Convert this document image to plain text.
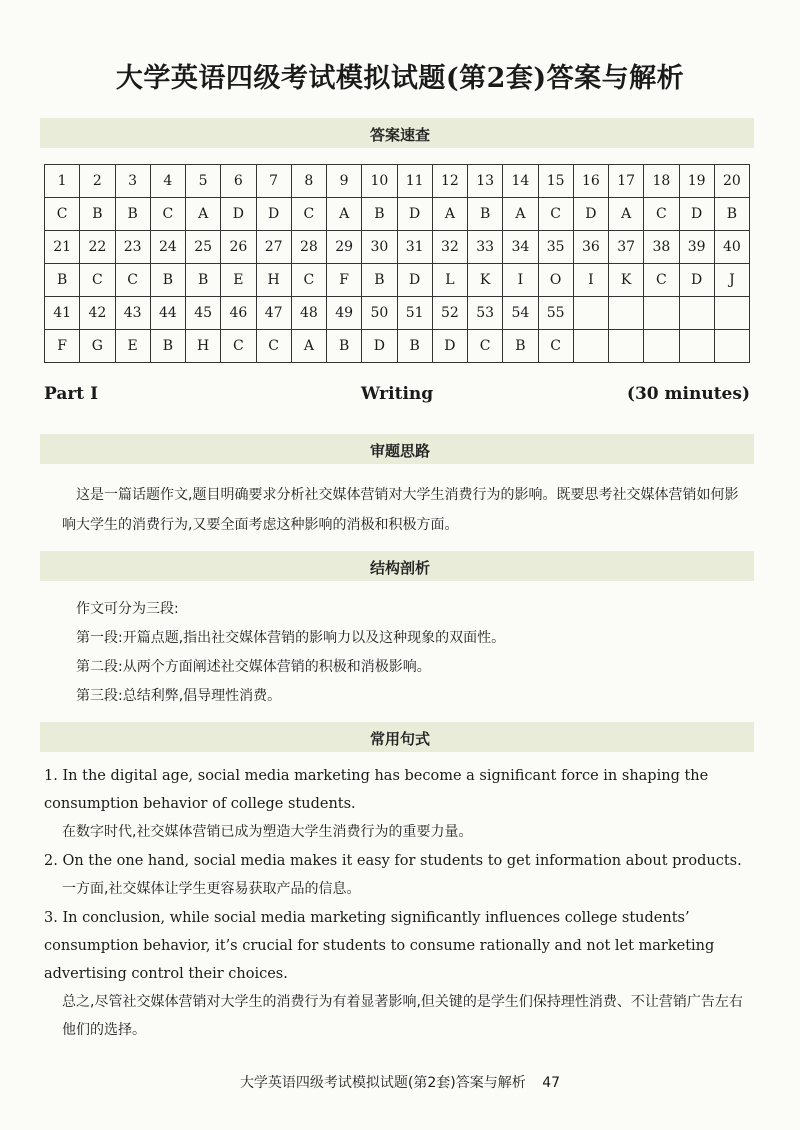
大学英语四级考试模拟试题(第2套)答案与解析
答案速查
1	2	3	4	5	6	7	8	9	10	11	12	13	14	15	16	17	18	19	20
C	B	B	C	A	D	D	C	A	B	D	A	B	A	C	D	A	C	D	B
21	22	23	24	25	26	27	28	29	30	31	32	33	34	35	36	37	38	39	40
B	C	C	B	B	E	H	C	F	B	D	L	K	I	O	I	K	C	D	J
41	42	43	44	45	46	47	48	49	50	51	52	53	54	55					
F	G	E	B	H	C	C	A	B	D	B	D	C	B	C					
Part Ⅰ	Writing	(30 minutes)
审题思路
这是一篇话题作文,题目明确要求分析社交媒体营销对大学生消费行为的影响。既要思考社交媒体营销如何影响大学生的消费行为,又要全面考虑这种影响的消极和积极方面。
结构剖析
作文可分为三段:
第一段:开篇点题,指出社交媒体营销的影响力以及这种现象的双面性。
第二段:从两个方面阐述社交媒体营销的积极和消极影响。
第三段:总结利弊,倡导理性消费。
常用句式
1. In the digital age, social media marketing has become a significant force in shaping the consumption behavior of college students.
在数字时代,社交媒体营销已成为塑造大学生消费行为的重要力量。
2. On the one hand, social media makes it easy for students to get information about products.
一方面,社交媒体让学生更容易获取产品的信息。
3. In conclusion, while social media marketing significantly influences college students’ consumption behavior, it’s crucial for students to consume rationally and not let marketing advertising control their choices.
总之,尽管社交媒体营销对大学生的消费行为有着显著影响,但关键的是学生们保持理性消费、不让营销广告左右他们的选择。
大学英语四级考试模拟试题(第2套)答案与解析 47
